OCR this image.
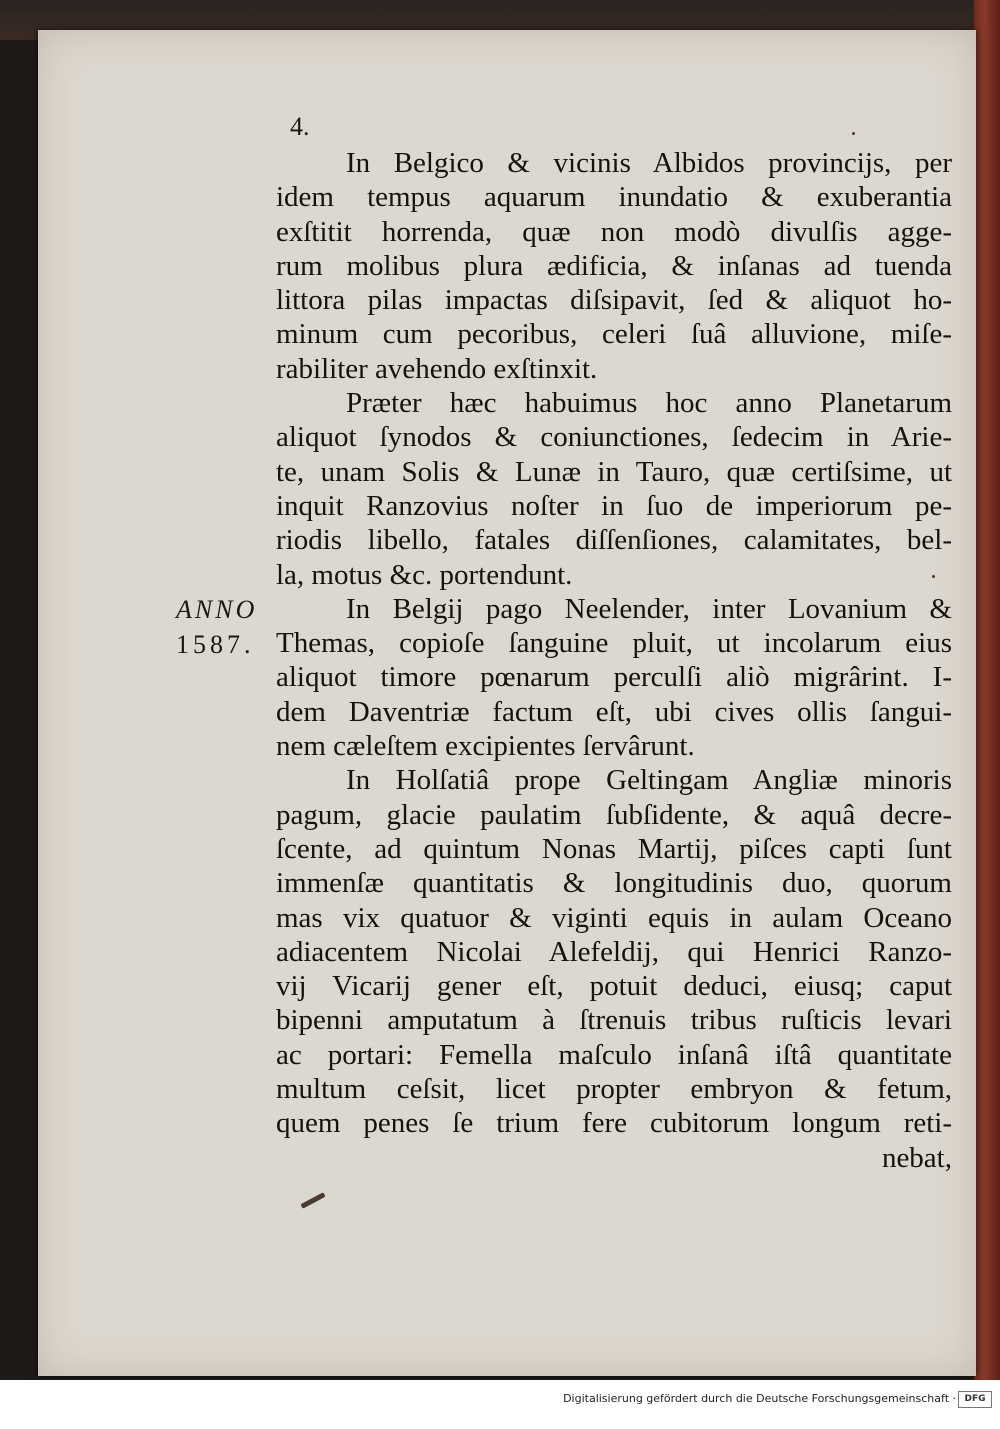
4.
ANNO
1587.
In Belgico & vicinis Albidos provincijs, per
idem tempus aquarum inundatio & exuberantia
exſtitit horrenda, quæ non modò divulſis agge-
rum molibus plura ædificia, & inſanas ad tuenda
littora pilas impactas diſsipavit, ſed & aliquot ho-
minum cum pecoribus, celeri ſuâ alluvione, miſe-
rabiliter avehendo exſtinxit.
Præter hæc habuimus hoc anno Planetarum
aliquot ſynodos & coniunctiones, ſedecim in Arie-
te, unam Solis & Lunæ in Tauro, quæ certiſsime, ut
inquit Ranzovius noſter in ſuo de imperiorum pe-
riodis libello, fatales diſſenſiones, calamitates, bel-
la, motus &c. portendunt.
In Belgij pago Neelender, inter Lovanium &
Themas, copioſe ſanguine pluit, ut incolarum eius
aliquot timore pœnarum perculſi aliò migrârint. I-
dem Daventriæ factum eſt, ubi cives ollis ſangui-
nem cæleſtem excipientes ſervârunt.
In Holſatiâ prope Geltingam Angliæ minoris
pagum, glacie paulatim ſubſidente, & aquâ decre-
ſcente, ad quintum Nonas Martij, piſces capti ſunt
immenſæ quantitatis & longitudinis duo, quorum
mas vix quatuor & viginti equis in aulam Oceano
adiacentem Nicolai Alefeldij, qui Henrici Ranzo-
vij Vicarij gener eſt, potuit deduci, eiusq; caput
bipenni amputatum à ſtrenuis tribus ruſticis levari
ac portari: Femella maſculo inſanâ iſtâ quantitate
multum ceſsit, licet propter embryon & fetum,
quem penes ſe trium fere cubitorum longum reti-
nebat,
Digitalisierung gefördert durch die Deutsche Forschungsgemeinschaft · DFG
